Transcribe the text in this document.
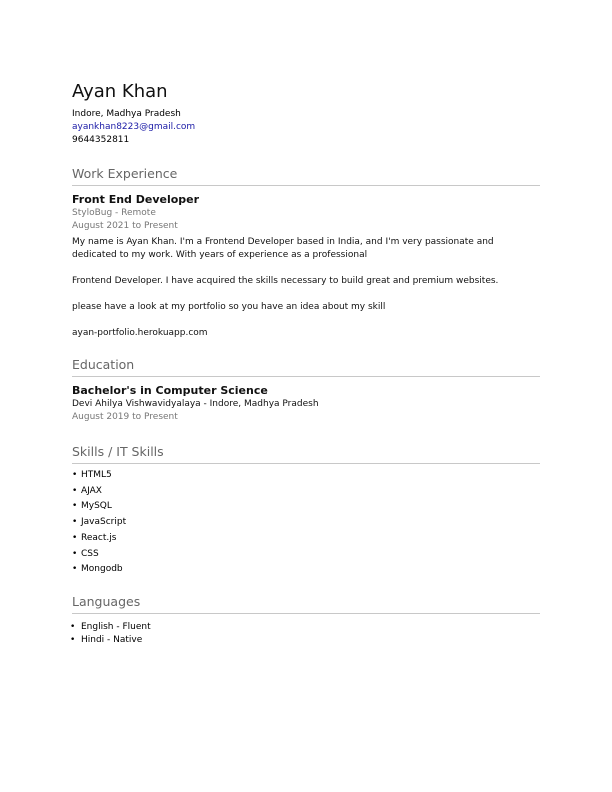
Ayan Khan
Indore, Madhya Pradesh
ayankhan8223@gmail.com
9644352811
Work Experience
Front End Developer
StyloBug - Remote
August 2021 to Present

My name is Ayan Khan. I'm a Frontend Developer based in India, and I'm very passionate and dedicated to my work. With years of experience as a professional

Frontend Developer. I have acquired the skills necessary to build great and premium websites.

please have a look at my portfolio so you have an idea about my skill

ayan-portfolio.herokuapp.com

Education
Bachelor's in Computer Science
Devi Ahilya Vishwavidyalaya - Indore, Madhya Pradesh
August 2019 to Present
Skills / IT Skills
• HTML5
• AJAX
• MySQL
• JavaScript
• React.js
• CSS
• Mongodb
Languages
• English - Fluent
• Hindi - Native
